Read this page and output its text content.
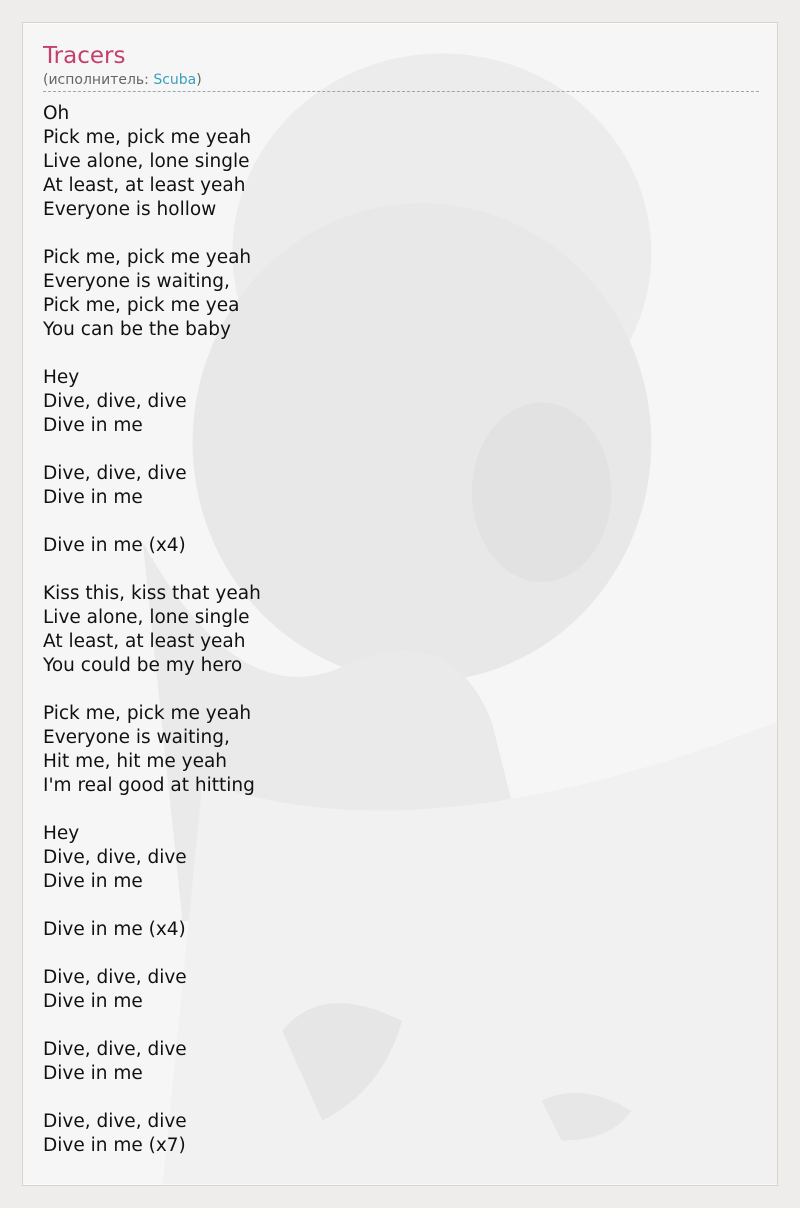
Tracers
(исполнитель: Scuba)
Oh
Pick me, pick me yeah
Live alone, lone single
At least, at least yeah
Everyone is hollow
Pick me, pick me yeah
Everyone is waiting,
Pick me, pick me yea
You can be the baby
Hey
Dive, dive, dive
Dive in me
Dive, dive, dive
Dive in me
Dive in me (x4)
Kiss this, kiss that yeah
Live alone, lone single
At least, at least yeah
You could be my hero
Pick me, pick me yeah
Everyone is waiting,
Hit me, hit me yeah
I'm real good at hitting
Hey
Dive, dive, dive
Dive in me
Dive in me (x4)
Dive, dive, dive
Dive in me
Dive, dive, dive
Dive in me
Dive, dive, dive
Dive in me (x7)
